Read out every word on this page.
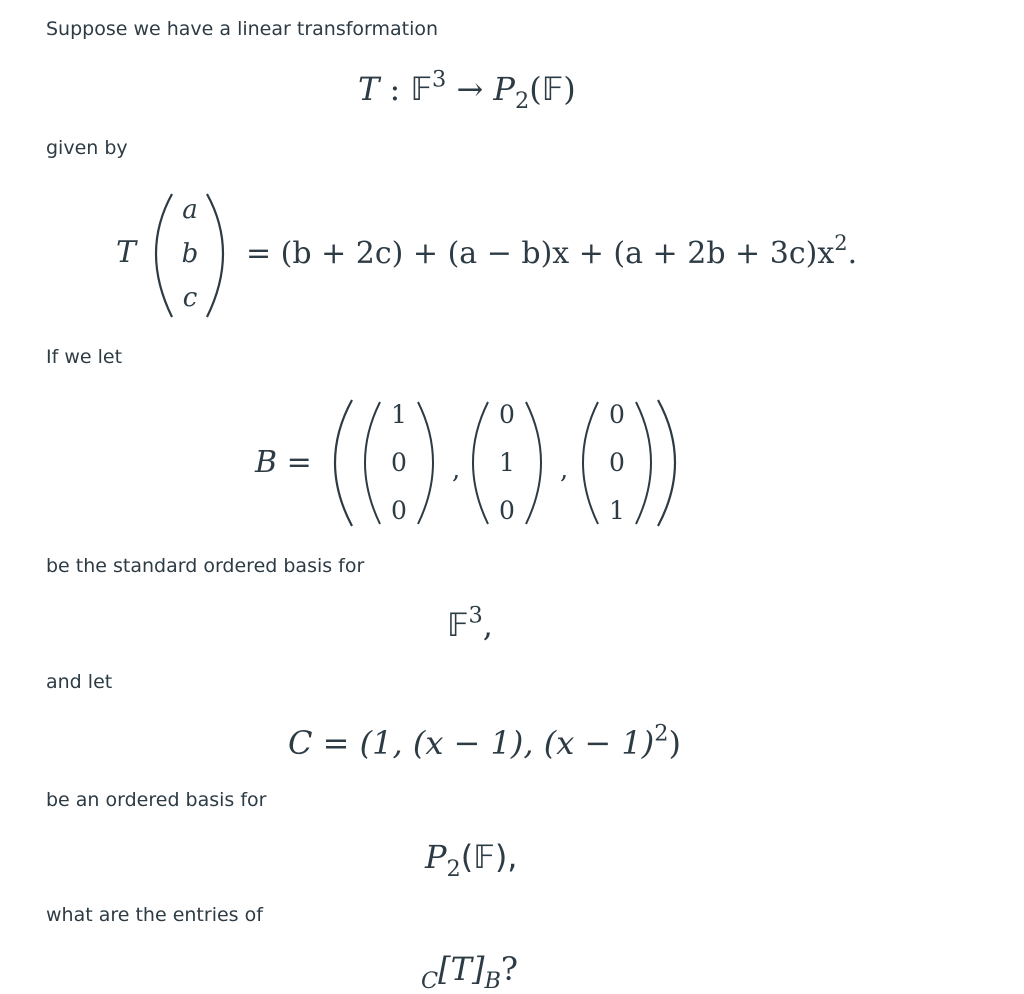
Suppose we have a linear transformation

T : 𝔽$^3$ → $P_2(𝔽)$

given by

T
a
b
c
= $(b + 2c) + (a - b)x + (a + 2b + 3c)x^2$.

If we let

B =
1
0
0
,
0
1
0
,
0
0
1

be the standard ordered basis for

𝔽$^3$,

and let

C = (1, (x − 1), $(x - 1)^2$)

be an ordered basis for

$P_2(𝔽)$,

what are the entries of

$_C[T]_B$?
